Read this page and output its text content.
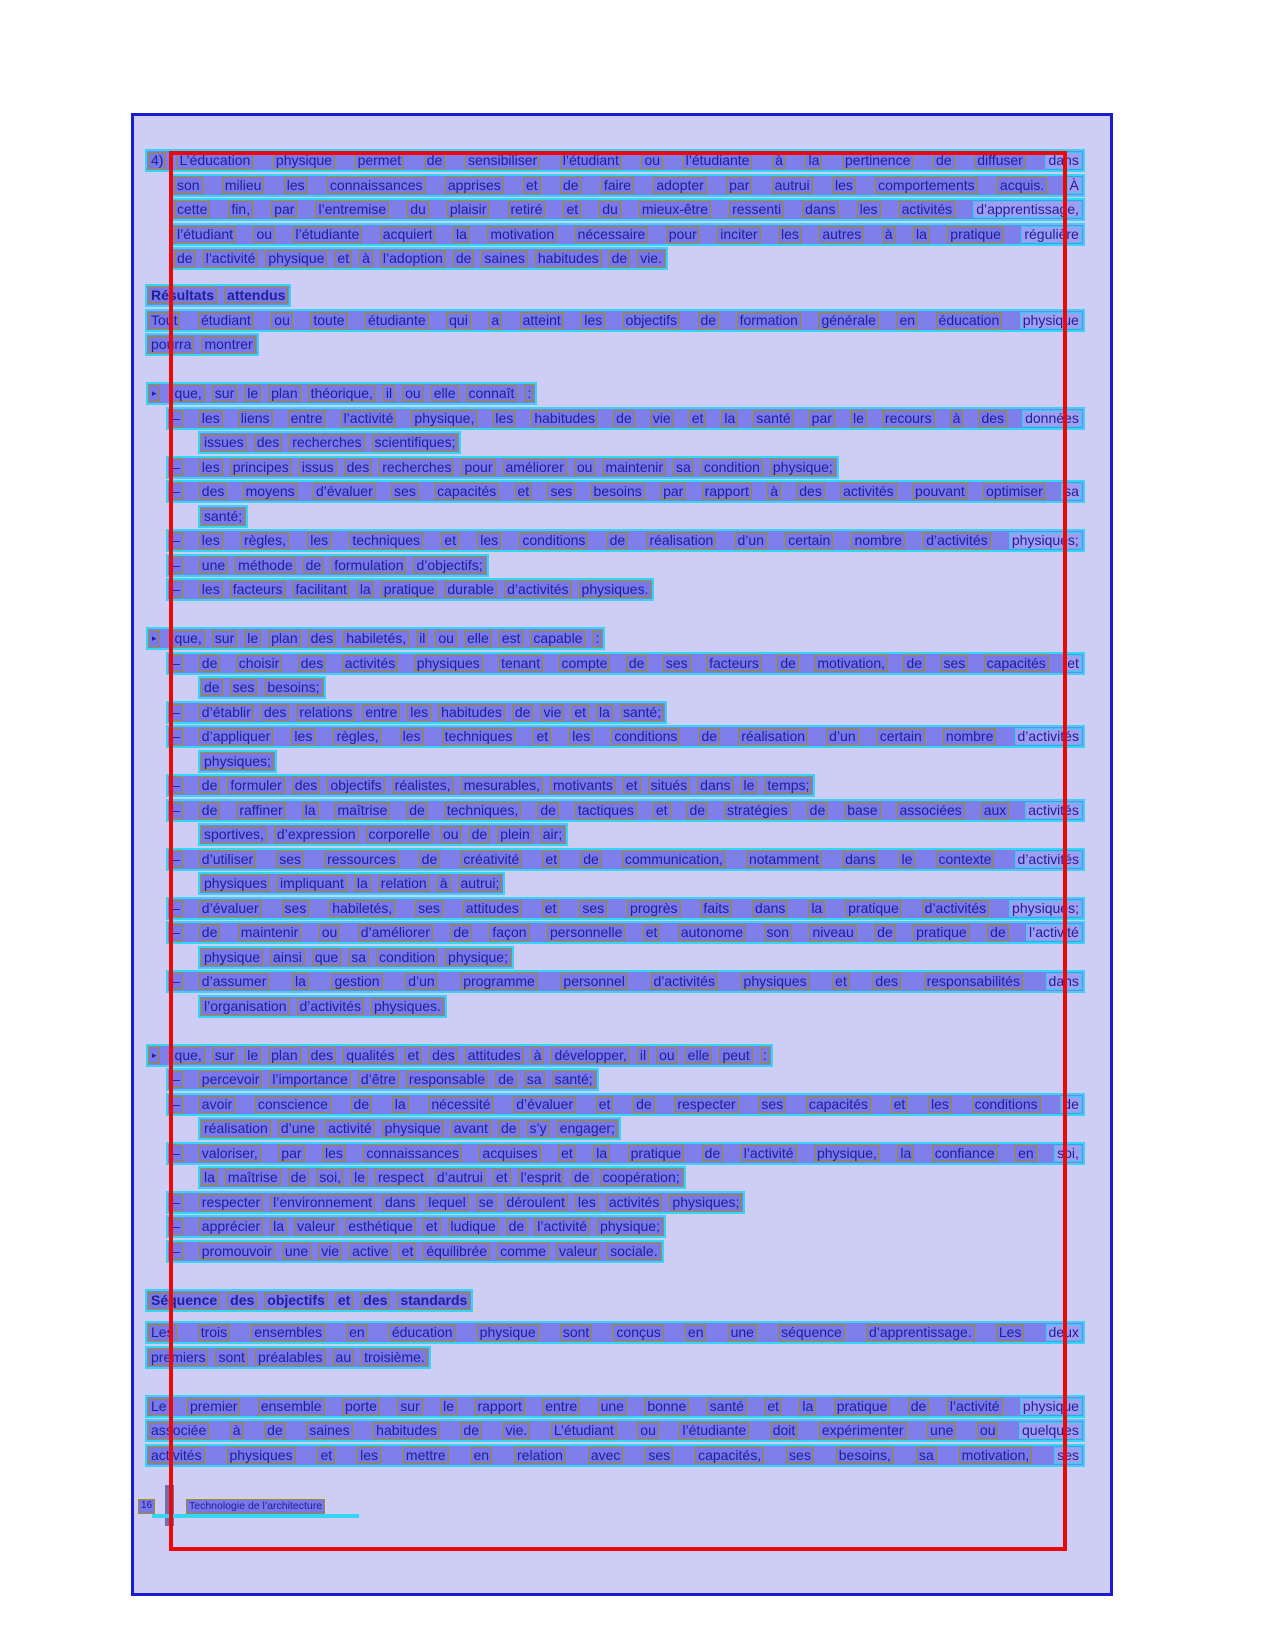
4) L’éducation physique permet de sensibiliser l’étudiant ou l’étudiante à la pertinence de diffuser dans
son milieu les connaissances apprises et de faire adopter par autrui les comportements acquis. À
cette fin, par l’entremise du plaisir retiré et du mieux-être ressenti dans les activités d’apprentissage,
l’étudiant ou l’étudiante acquiert la motivation nécessaire pour inciter les autres à la pratique régulière
de l’activité physique et à l’adoption de saines habitudes de vie.
Résultats attendus
Tout étudiant ou toute étudiante qui a atteint les objectifs de formation générale en éducation physique
pourra montrer
▸ que, sur le plan théorique, il ou elle connaît :
– les liens entre l’activité physique, les habitudes de vie et la santé par le recours à des données
issues des recherches scientifiques;
– les principes issus des recherches pour améliorer ou maintenir sa condition physique;
– des moyens d’évaluer ses capacités et ses besoins par rapport à des activités pouvant optimiser sa
santé;
– les règles, les techniques et les conditions de réalisation d’un certain nombre d’activités physiques;
– une méthode de formulation d’objectifs;
– les facteurs facilitant la pratique durable d’activités physiques.
▸ que, sur le plan des habiletés, il ou elle est capable :
– de choisir des activités physiques tenant compte de ses facteurs de motivation, de ses capacités et
de ses besoins;
– d’établir des relations entre les habitudes de vie et la santé;
– d’appliquer les règles, les techniques et les conditions de réalisation d’un certain nombre d’activités
physiques;
– de formuler des objectifs réalistes, mesurables, motivants et situés dans le temps;
– de raffiner la maîtrise de techniques, de tactiques et de stratégies de base associées aux activités
sportives, d’expression corporelle ou de plein air;
– d’utiliser ses ressources de créativité et de communication, notamment dans le contexte d’activités
physiques impliquant la relation à autrui;
– d’évaluer ses habiletés, ses attitudes et ses progrès faits dans la pratique d’activités physiques;
– de maintenir ou d’améliorer de façon personnelle et autonome son niveau de pratique de l’activité
physique ainsi que sa condition physique;
– d’assumer la gestion d’un programme personnel d’activités physiques et des responsabilités dans
l’organisation d’activités physiques.
▸ que, sur le plan des qualités et des attitudes à développer, il ou elle peut :
– percevoir l’importance d’être responsable de sa santé;
– avoir conscience de la nécessité d’évaluer et de respecter ses capacités et les conditions de
réalisation d’une activité physique avant de s’y engager;
– valoriser, par les connaissances acquises et la pratique de l’activité physique, la confiance en soi,
la maîtrise de soi, le respect d’autrui et l’esprit de coopération;
– respecter l’environnement dans lequel se déroulent les activités physiques;
– apprécier la valeur esthétique et ludique de l’activité physique;
– promouvoir une vie active et équilibrée comme valeur sociale.
Séquence des objectifs et des standards
Les trois ensembles en éducation physique sont conçus en une séquence d’apprentissage. Les deux
premiers sont préalables au troisième.
Le premier ensemble porte sur le rapport entre une bonne santé et la pratique de l’activité physique
associée à de saines habitudes de vie. L’étudiant ou l’étudiante doit expérimenter une ou quelques
activités physiques et les mettre en relation avec ses capacités, ses besoins, sa motivation, ses
16	Technologie de l’architecture
